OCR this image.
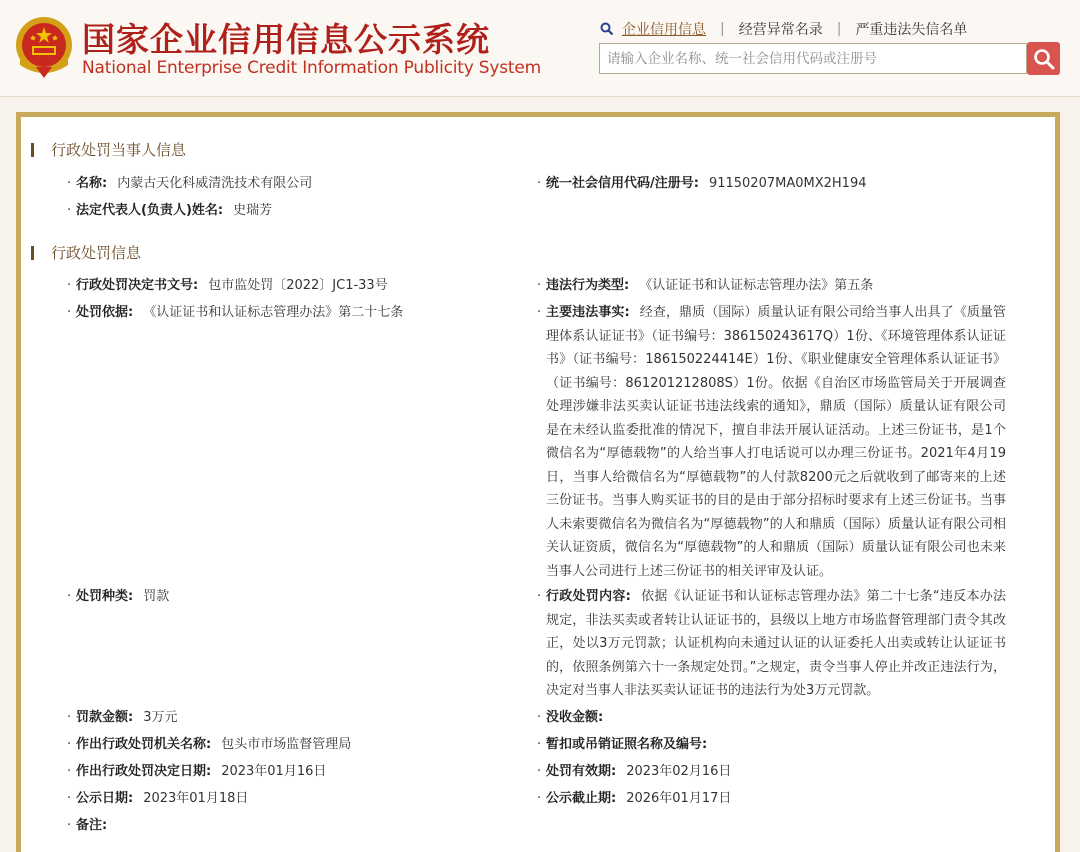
国家企业信用信息公示系统
National Enterprise Credit Information Publicity System
企业信用信息 | 经营异常名录 | 严重违法失信名单
请输入企业名称、统一社会信用代码或注册号
行政处罚当事人信息
· 名称: 内蒙古天化科威清洗技术有限公司	· 统一社会信用代码/注册号: 91150207MA0MX2H194
· 法定代表人(负责人)姓名: 史瑞芳
行政处罚信息
· 行政处罚决定书文号: 包市监处罚〔2022〕JC1-33号	· 违法行为类型: 《认证证书和认证标志管理办法》第五条
· 处罚依据: 《认证证书和认证标志管理办法》第二十七条	· 主要违法事实: 经查，鼎质（国际）质量认证有限公司给当事人出具了《质量管理体系认证证书》（证书编号：386150243617Q）1份、《环境管理体系认证证书》（证书编号：186150224414E）1份、《职业健康安全管理体系认证证书》（证书编号：861201212808S）1份。依据《自治区市场监管局关于开展调查处理涉嫌非法买卖认证证书违法线索的通知》，鼎质（国际）质量认证有限公司是在未经认监委批准的情况下，擅自非法开展认证活动。上述三份证书，是1个微信名为“厚德载物”的人给当事人打电话说可以办理三份证书。2021年4月19日，当事人给微信名为“厚德载物”的人付款8200元之后就收到了邮寄来的上述三份证书。当事人购买证书的目的是由于部分招标时要求有上述三份证书。当事人未索要微信名为微信名为“厚德载物”的人和鼎质（国际）质量认证有限公司相关认证资质，微信名为“厚德载物”的人和鼎质（国际）质量认证有限公司也未来当事人公司进行上述三份证书的相关评审及认证。
· 处罚种类: 罚款	· 行政处罚内容: 依据《认证证书和认证标志管理办法》第二十七条“违反本办法规定，非法买卖或者转让认证证书的，县级以上地方市场监督管理部门责令其改正，处以3万元罚款；认证机构向未通过认证的认证委托人出卖或转让认证证书的，依照条例第六十一条规定处罚。”之规定，责令当事人停止并改正违法行为，决定对当事人非法买卖认证证书的违法行为处3万元罚款。
· 罚款金额: 3万元	· 没收金额:
· 作出行政处罚机关名称: 包头市市场监督管理局	· 暂扣或吊销证照名称及编号:
· 作出行政处罚决定日期: 2023年01月16日	· 处罚有效期: 2023年02月16日
· 公示日期: 2023年01月18日	· 公示截止期: 2026年01月17日
· 备注:
